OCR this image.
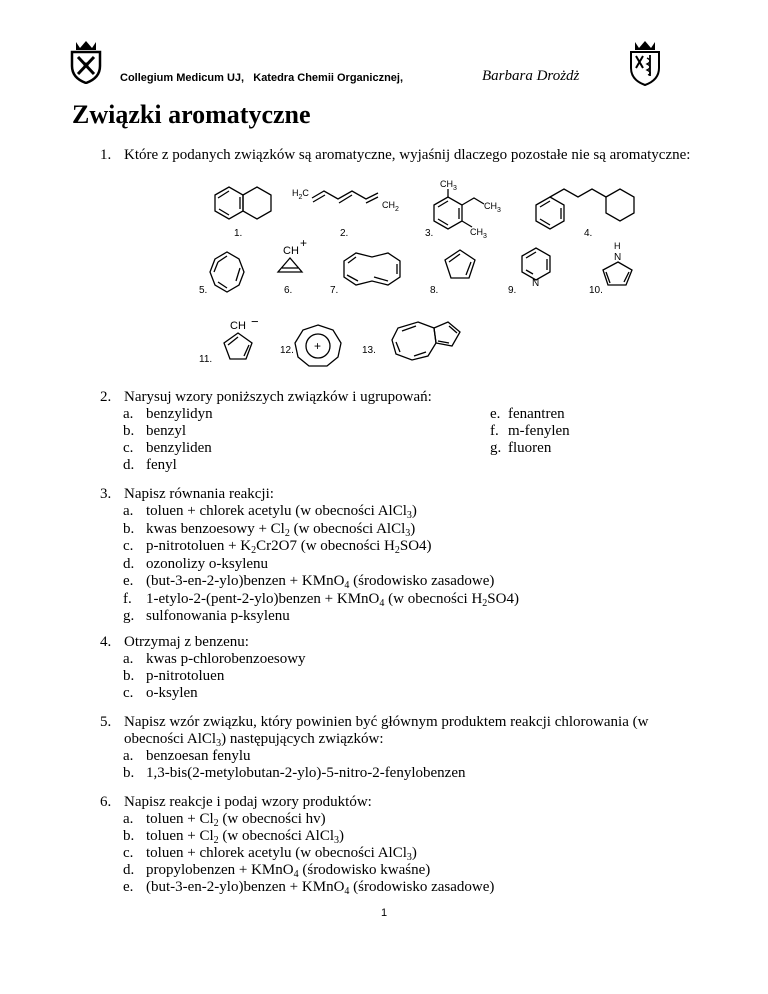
Collegium Medicum UJ, Katedra Chemii Organicznej,	Barbara Drożdż
Związki aromatyczne
1. Które z podanych związków są aromatyczne, wyjaśnij dlaczego pozostałe nie są aromatyczne:
$H_2C$
$CH_2$
$CH_3$
$CH_3$
$CH_3$
CH
+	H
N
N
CH −
+
1.	2.	3.	4.
5.	6.	7.	8.	9.	10.
11.
12.	13.
2. Narysuj wzory poniższych związków i ugrupowań:
a. benzylidyn
b. benzyl
c. benzyliden
d. fenyl
e. fenantren
f. m-fenylen
g. fluoren
3. Napisz równania reakcji:
a. toluen + chlorek acetylu (w obecności AlCl$_3$)
b. kwas benzoesowy + $Cl_2$ (w obecności AlCl$_3$)
c. p-nitrotoluen + $K_2Cr2O7$ (w obecności $H_2SO4$)
d. ozonolizy o-ksylenu
e. (but-3-en-2-ylo)benzen + KMnO$_4$ (środowisko zasadowe)
f. 1-etylo-2-(pent-2-ylo)benzen + KMnO$_4$ (w obecności $H_2SO4$)
g. sulfonowania p-ksylenu
4. Otrzymaj z benzenu:
a. kwas p-chlorobenzoesowy
b. p-nitrotoluen
c. o-ksylen
5. Napisz wzór związku, który powinien być głównym produktem reakcji chlorowania (w
obecności AlCl$_3$) następujących związków:
a. benzoesan fenylu
b. 1,3-bis(2-metylobutan-2-ylo)-5-nitro-2-fenylobenzen
6. Napisz reakcje i podaj wzory produktów:
a. toluen + $Cl_2$ (w obecności hv)
b. toluen + $Cl_2$ (w obecności AlCl$_3$)
c. toluen + chlorek acetylu (w obecności AlCl$_3$)
d. propylobenzen + KMnO$_4$ (środowisko kwaśne)
e. (but-3-en-2-ylo)benzen + KMnO$_4$ (środowisko zasadowe)
1
